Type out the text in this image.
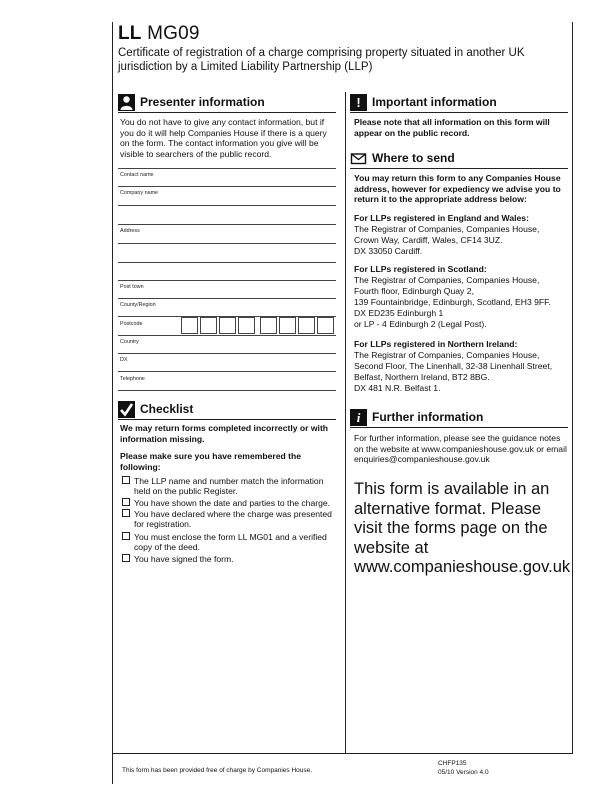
LL MG09
Certificate of registration of a charge comprising property situated in another UK jurisdiction by a Limited Liability Partnership (LLP)
Presenter information
You do not have to give any contact information, but if you do it will help Companies House if there is a query on the form. The contact information you give will be visible to searchers of the public record.
Contact name
Company name
Address
Post town
County/Region
Postcode
Country
DX
Telephone
Checklist
We may return forms completed incorrectly or with information missing.
Please make sure you have remembered the following:
The LLP name and number match the information held on the public Register.
You have shown the date and parties to the charge.
You have declared where the charge was presented for registration.
You must enclose the form LL MG01 and a verified copy of the deed.
You have signed the form.
! Important information
Please note that all information on this form will appear on the public record.
Where to send
You may return this form to any Companies House address, however for expediency we advise you to return it to the appropriate address below:
For LLPs registered in England and Wales:
The Registrar of Companies, Companies House,
Crown Way, Cardiff, Wales, CF14 3UZ.
DX 33050 Cardiff.
For LLPs registered in Scotland:
The Registrar of Companies, Companies House,
Fourth floor, Edinburgh Quay 2,
139 Fountainbridge, Edinburgh, Scotland, EH3 9FF.
DX ED235 Edinburgh 1
or LP - 4 Edinburgh 2 (Legal Post).
For LLPs registered in Northern Ireland:
The Registrar of Companies, Companies House,
Second Floor, The Linenhall, 32-38 Linenhall Street,
Belfast, Northern Ireland, BT2 8BG.
DX 481 N.R. Belfast 1.
i Further information
For further information, please see the guidance notes on the website at www.companieshouse.gov.uk or email enquiries@companieshouse.gov.uk
This form is available in an alternative format. Please visit the forms page on the website at www.companieshouse.gov.uk
This form has been provided free of charge by Companies House.
CHFP135
05/10 Version 4.0
